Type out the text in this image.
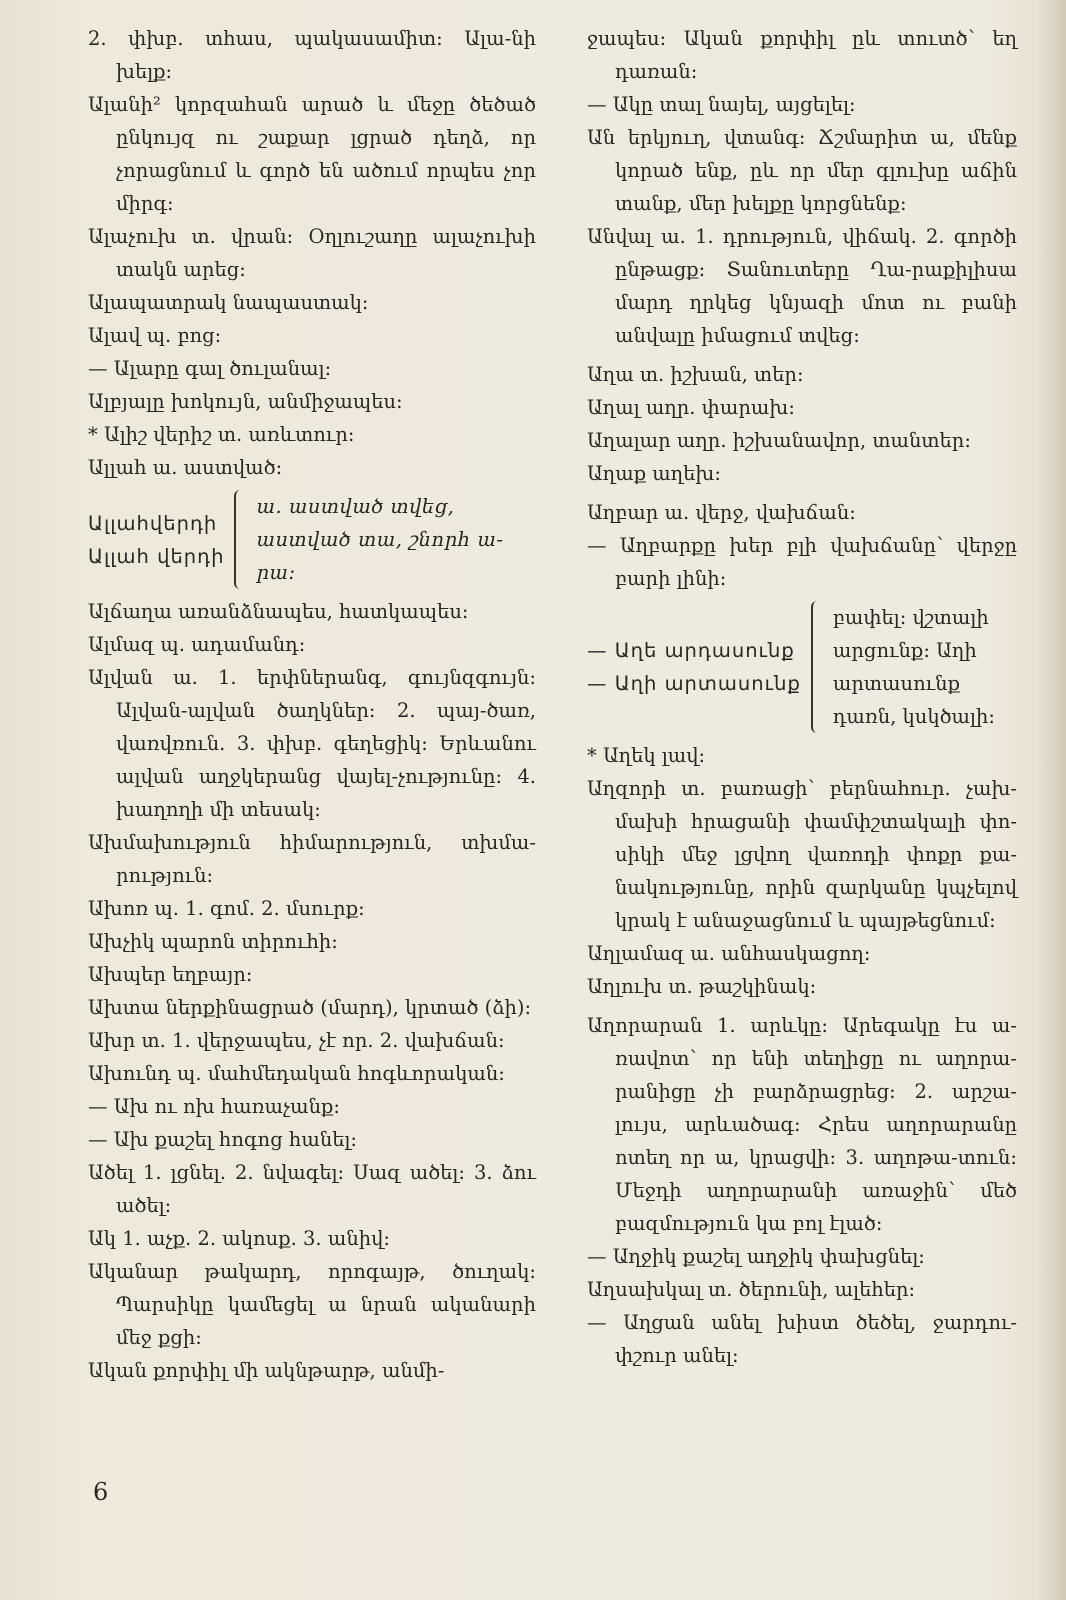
2. փխբ. տհաս, պակասամիտ։ Ալա-նի խելք:

Ալանի² կորզահան արած և մեջը ծեծած ընկույզ ու շաքար լցրած դեղձ, որ չորացնում և գործ են ածում որպես չոր միրգ։

Ալաչուխ տ. վրան։ Օղլուշաղը ալաչուխի տակն արեց:

Ալապատրակ նապաստակ։

Ալավ պ. բոց։

— Ալարը գալ ծուլանալ։

Ալբյալը խոկույն, անմիջապես։

* Ալիշ վերիշ տ. առևտուր։

Ալլահ ա. աստված։

Ալլահվերդի
Ալլահ վերդի
ա. աստված տվեց, աստված տա, շնորհ ա-րա։

Ալճաղա առանձնապես, հատկապես։

Ալմազ պ. ադամանդ։

Ալվան ա. 1. երփներանգ, գույնզգույն։ Ալվան-ալվան ծաղկներ: 2. պայ-ծառ, վառվռուն. 3. փխբ. գեղեցիկ։ Երևանու ալվան աղջկերանց վայել-չությունը: 4. խաղողի մի տեսակ։

Ախմախություն հիմարություն, տխմա-րություն։

Ախոռ պ. 1. գոմ. 2. մսուրք։

Ախչիկ պարոն տիրուհի։

Ախպեր եղբայր։

Ախտա ներքինացրած (մարդ), կրտած (ձի)։

Ախր տ. 1. վերջապես, չէ որ. 2. վախճան։

Ախունդ պ. մահմեդական հոգևորական։

— Ախ ու ոխ հառաչանք։

— Ախ քաշել հոգոց հանել։

Ածել 1. լցնել. 2. նվագել։ Սազ ածել: 3. ձու ածել։

Ակ 1. աչք. 2. ակոսք. 3. անիվ։

Ականար թակարդ, որոգայթ, ծուղակ։ Պարսիկը կամեցել ա նրան ականարի մեջ քցի:

Ական քորփիլ մի ակնթարթ, անմի-

ջապես։ Ական քորփիլ ըև տուտծ՝ եղ դառան:

— Ակը տալ նայել, այցելել։

Ան երկյուղ, վտանգ։ Ճշմարիտ ա, մենք կորած ենք, ըև որ մեր գլուխը աճին տանք, մեր խելքը կորցնենք:

Անվալ ա. 1. դրություն, վիճակ. 2. գործի ընթացք։ Տանուտերը Ղա-րաքիլիսա մարդ ղրկեց կնյազի մոտ ու բանի անվալը իմացում տվեց:

Աղա տ. իշխան, տեր։

Աղալ աղր. փարախ։

Աղալար աղր. իշխանավոր, տանտեր։

Աղաք աղեխ։

Աղբար ա. վերջ, վախճան։

— Աղբարքը խեր բլի վախճանը՝ վերջը բարի լինի։

— Աղե արդասունք
— Աղի արտասունք
բափել: վշտալի արցունք։ Աղի արտասունք դառն, կսկծալի։

* Աղեկ լավ։

Աղզորի տ. բառացի՝ բերնահուր. չախ-մախի հրացանի փամփշտակալի փո-սիկի մեջ լցվող վառոդի փոքր քա-նակությունը, որին զարկանը կպչելով կրակ է անաջացնում և պայթեցնում։

Աղլամազ ա. անհասկացող։

Աղլուխ տ. թաշկինակ։

Աղորարան 1. արևկը։ Արեգակը էս ա-ռավոտ՝ որ ենի տեղիցը ու աղորա-րանիցը չի բարձրացրեց: 2. արշա-լույս, արևածագ։ Հրես աղորարանը ոտեղ որ ա, կրացվի: 3. աղոթա-տուն։ Մեջդի աղորարանի առաջին՝ մեծ բազմություն կա բոլ էլած:

— Աղջիկ քաշել աղջիկ փախցնել։

Աղսախկալ տ. ծերունի, ալեհեր։

— Աղցան անել խիստ ծեծել, ջարդու-փշուր անել։

6
